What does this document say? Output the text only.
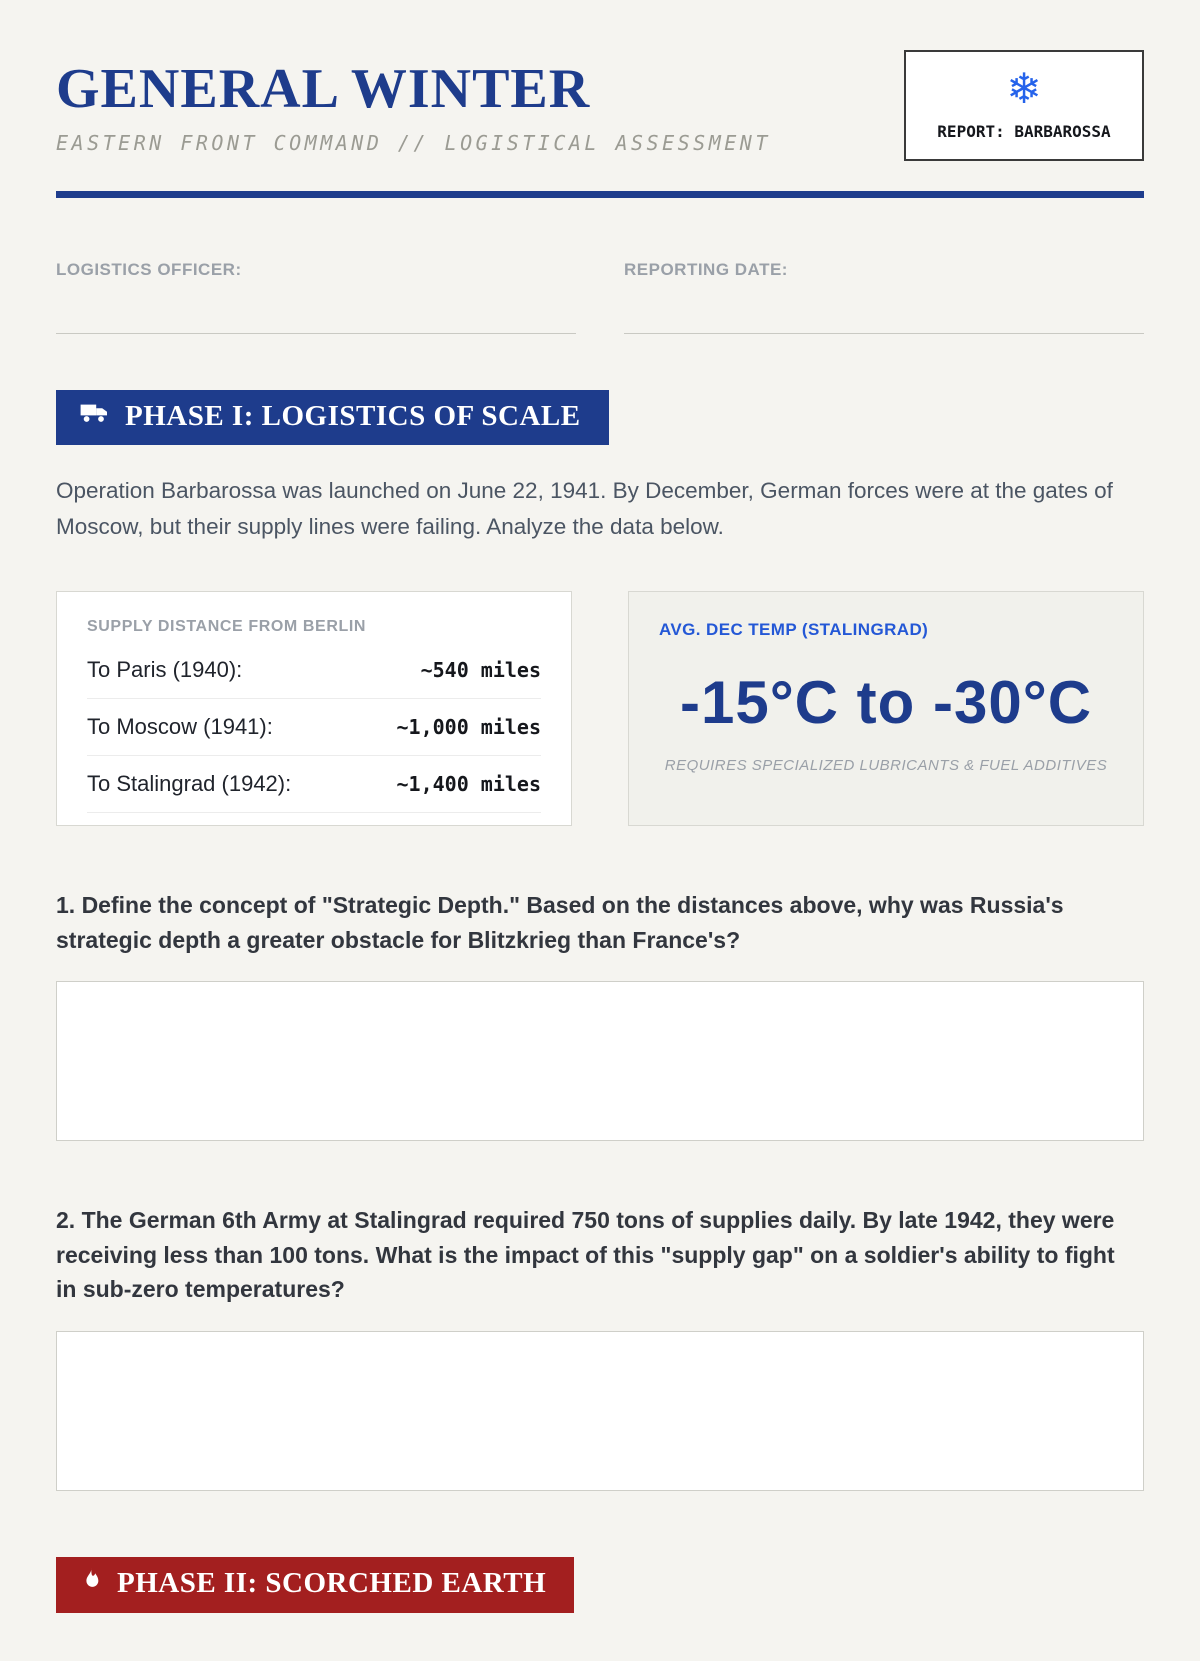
GENERAL WINTER
EASTERN FRONT COMMAND // LOGISTICAL ASSESSMENT
❄
REPORT: BARBAROSSA
LOGISTICS OFFICER:	REPORTING DATE:
PHASE I: LOGISTICS OF SCALE

Operation Barbarossa was launched on June 22, 1941. By December, German forces were at the gates of Moscow, but their supply lines were failing. Analyze the data below.

SUPPLY DISTANCE FROM BERLIN
To Paris (1940):	~540 miles
To Moscow (1941):	~1,000 miles
To Stalingrad (1942):	~1,400 miles
AVG. DEC TEMP (STALINGRAD)
-15°C to -30°C
REQUIRES SPECIALIZED LUBRICANTS & FUEL ADDITIVES
1. Define the concept of "Strategic Depth." Based on the distances above, why was Russia's strategic depth a greater obstacle for Blitzkrieg than France's?
2. The German 6th Army at Stalingrad required 750 tons of supplies daily. By late 1942, they were receiving less than 100 tons. What is the impact of this "supply gap" on a soldier's ability to fight in sub-zero temperatures?
PHASE II: SCORCHED EARTH
